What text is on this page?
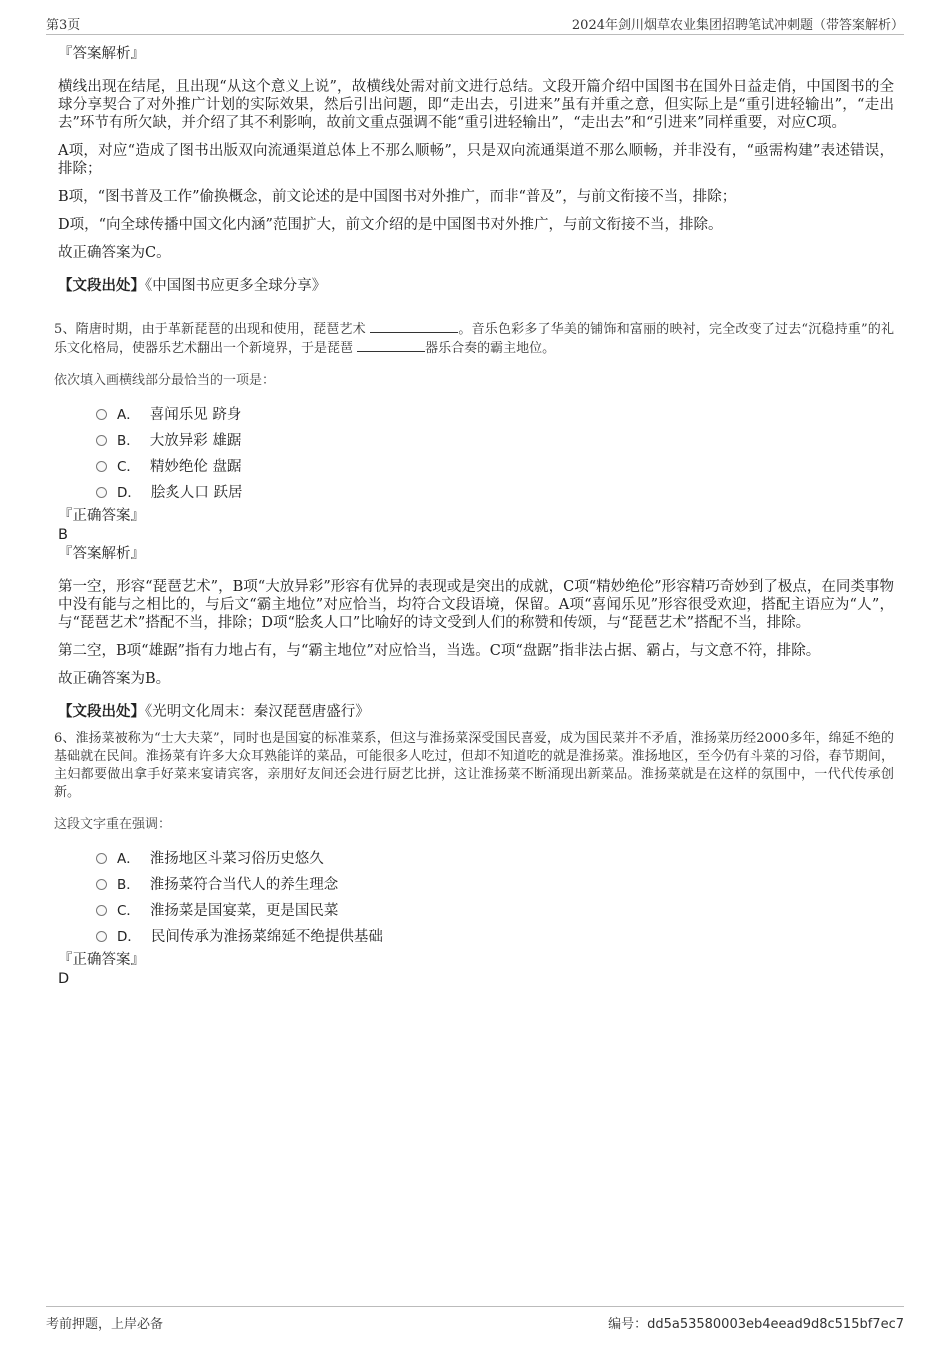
第3页	2024年剑川烟草农业集团招聘笔试冲刺题（带答案解析）

『答案解析』

横线出现在结尾，且出现“从这个意义上说”，故横线处需对前文进行总结。文段开篇介绍中国图书在国外日益走俏，中国图书的全球分享契合了对外推广计划的实际效果，然后引出问题，即“走出去，引进来”虽有并重之意，但实际上是“重引进轻输出”，“走出去”环节有所欠缺，并介绍了其不利影响，故前文重点强调不能“重引进轻输出”，“走出去”和“引进来”同样重要，对应C项。

A项，对应“造成了图书出版双向流通渠道总体上不那么顺畅”，只是双向流通渠道不那么顺畅，并非没有，“亟需构建”表述错误，排除；

B项，“图书普及工作”偷换概念，前文论述的是中国图书对外推广，而非“普及”，与前文衔接不当，排除；

D项，“向全球传播中国文化内涵”范围扩大，前文介绍的是中国图书对外推广，与前文衔接不当，排除。

故正确答案为C。

【文段出处】《中国图书应更多全球分享》

5、隋唐时期，由于革新琵琶的出现和使用，琵琶艺术	。音乐色彩多了华美的铺饰和富丽的映衬，完全改变了过去“沉稳持重”的礼乐文化格局，使器乐艺术翻出一个新境界，于是琵琶	器乐合奏的霸主地位。

依次填入画横线部分最恰当的一项是：

A． 喜闻乐见 跻身
B． 大放异彩 雄踞
C． 精妙绝伦 盘踞
D． 脍炙人口 跃居

『正确答案』

B

『答案解析』

第一空，形容“琵琶艺术”，B项“大放异彩”形容有优异的表现或是突出的成就，C项“精妙绝伦”形容精巧奇妙到了极点，在同类事物中没有能与之相比的，与后文“霸主地位”对应恰当，均符合文段语境，保留。A项“喜闻乐见”形容很受欢迎，搭配主语应为“人”，与“琵琶艺术”搭配不当，排除；D项“脍炙人口”比喻好的诗文受到人们的称赞和传颂，与“琵琶艺术”搭配不当，排除。

第二空，B项“雄踞”指有力地占有，与“霸主地位”对应恰当，当选。C项“盘踞”指非法占据、霸占，与文意不符，排除。

故正确答案为B。

【文段出处】《光明文化周末：秦汉琵琶唐盛行》

6、淮扬菜被称为“士大夫菜”，同时也是国宴的标准菜系，但这与淮扬菜深受国民喜爱，成为国民菜并不矛盾，淮扬菜历经2000多年，绵延不绝的基础就在民间。淮扬菜有许多大众耳熟能详的菜品，可能很多人吃过，但却不知道吃的就是淮扬菜。淮扬地区，至今仍有斗菜的习俗，春节期间，主妇都要做出拿手好菜来宴请宾客，亲朋好友间还会进行厨艺比拼，这让淮扬菜不断涌现出新菜品。淮扬菜就是在这样的氛围中，一代代传承创新。

这段文字重在强调：

A． 淮扬地区斗菜习俗历史悠久
B． 淮扬菜符合当代人的养生理念
C． 淮扬菜是国宴菜，更是国民菜
D． 民间传承为淮扬菜绵延不绝提供基础

『正确答案』

D

考前押题，上岸必备	编号：dd5a53580003eb4eead9d8c515bf7ec7
